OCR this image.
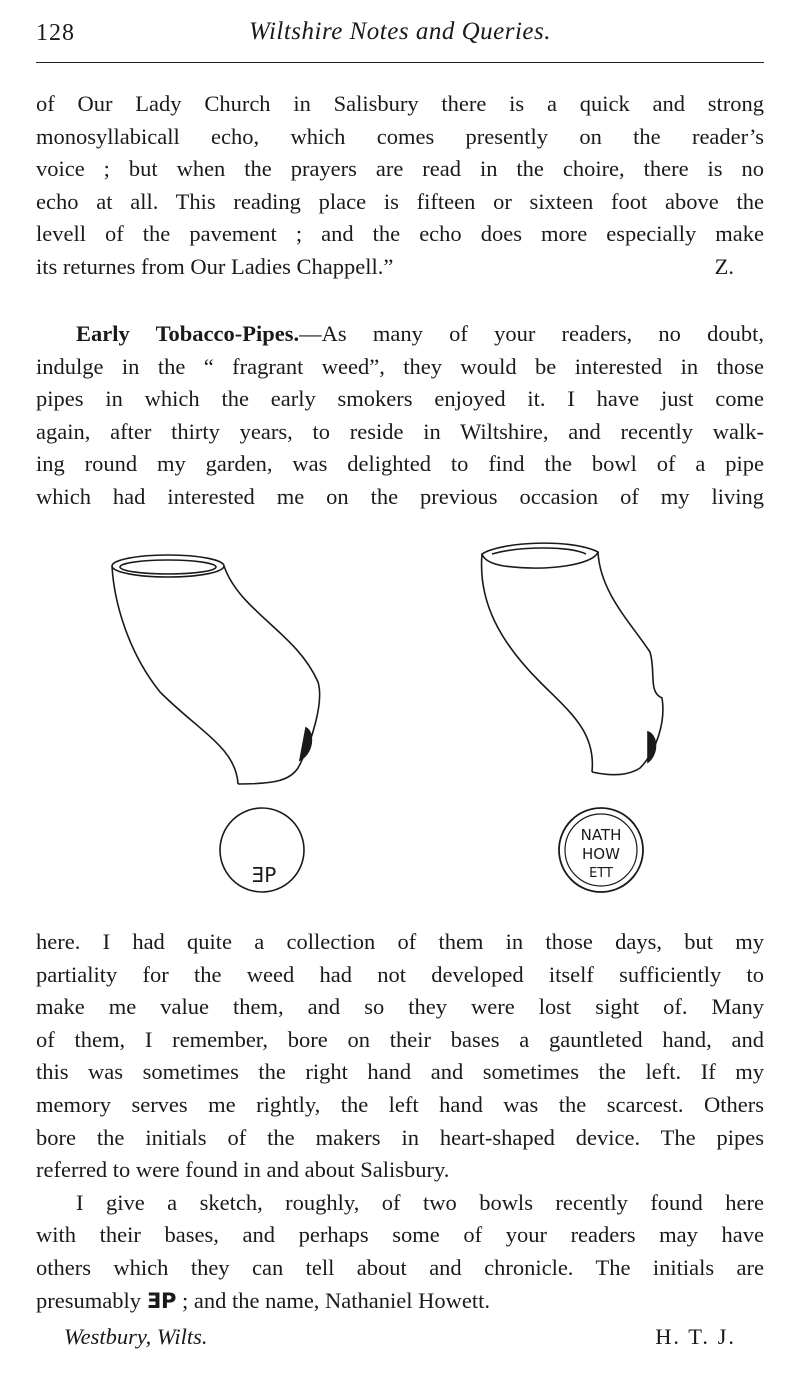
128	Wiltshire Notes and Queries.
of Our Lady Church in Salisbury there is a quick and strong
monosyllabicall echo, which comes presently on the reader’s
voice ; but when the prayers are read in the choire, there is no
echo at all. This reading place is fifteen or sixteen foot above the
levell of the pavement ; and the echo does more especially make
its returnes from Our Ladies Chappell.”	Z.
Early Tobacco-Pipes.—As many of your readers, no doubt,
indulge in the “ fragrant weed”, they would be interested in those
pipes in which the early smokers enjoyed it. I have just come
again, after thirty years, to reside in Wiltshire, and recently walk-
ing round my garden, was delighted to find the bowl of a pipe
which had interested me on the previous occasion of my living
ƎP
NATH
HOW
ETT
here. I had quite a collection of them in those days, but my
partiality for the weed had not developed itself sufficiently to
make me value them, and so they were lost sight of. Many
of them, I remember, bore on their bases a gauntleted hand, and
this was sometimes the right hand and sometimes the left. If my
memory serves me rightly, the left hand was the scarcest. Others
bore the initials of the makers in heart-shaped device. The pipes
referred to were found in and about Salisbury.
I give a sketch, roughly, of two bowls recently found here
with their bases, and perhaps some of your readers may have
others which they can tell about and chronicle. The initials are
presumably ƎP ; and the name, Nathaniel Howett.
Westbury, Wilts.	H. T. J.
